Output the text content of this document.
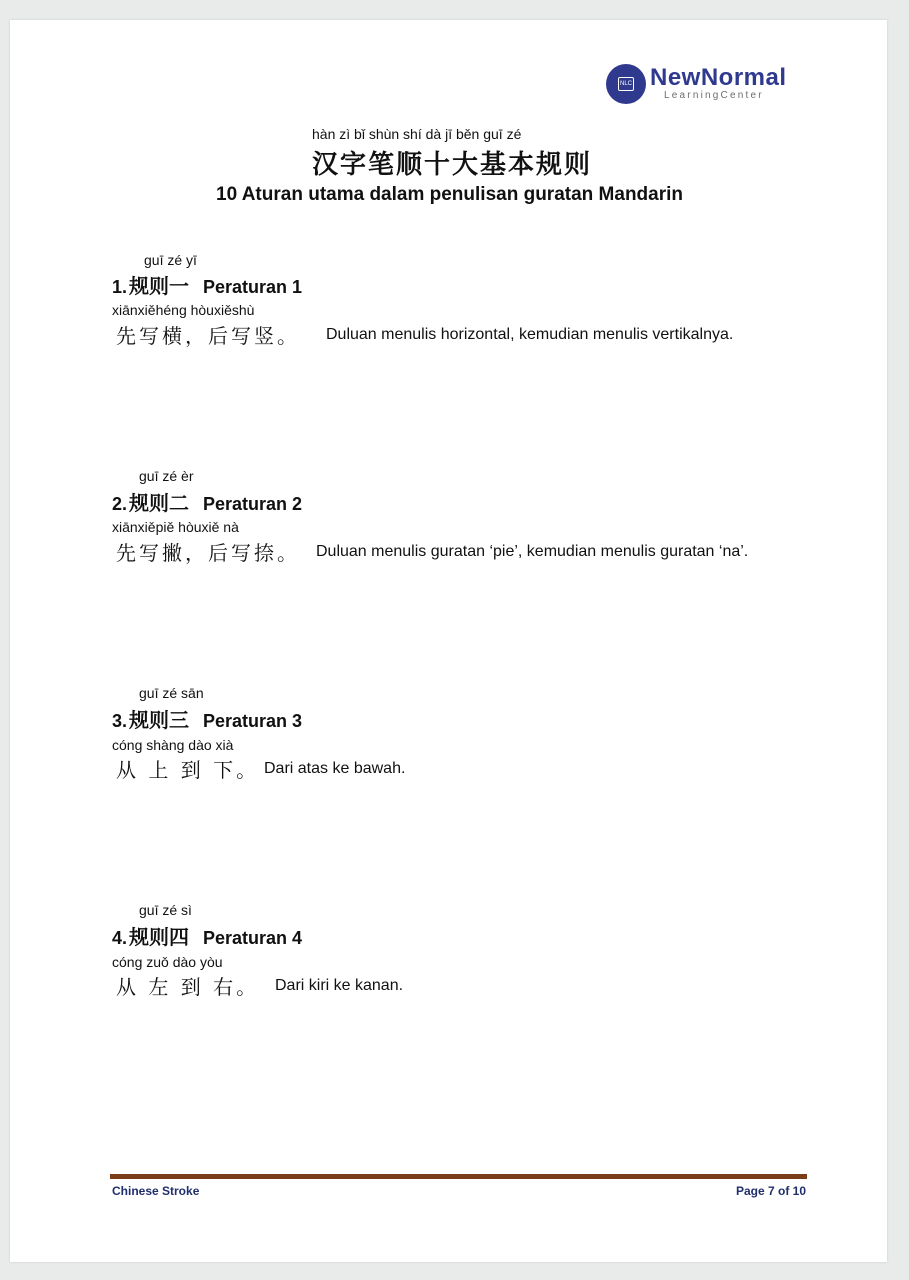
NLC NewNormal
LearningCenter
hàn zì bǐ shùn shí dà jī běn guī zé
汉字笔顺十大基本规则
10 Aturan utama dalam penulisan guratan Mandarin
guī zé yī
1. 规则一 Peraturan 1
xiānxiěhéng hòuxiěshù
先写横，后写竖。 Duluan menulis horizontal, kemudian menulis vertikalnya.
guī zé èr
2. 规则二 Peraturan 2
xiānxiěpiě hòuxiě nà
先写撇，后写捺。 Duluan menulis guratan ‘pie’, kemudian menulis guratan ‘na’.
guī zé sān
3. 规则三 Peraturan 3
cóng shàng dào xià
从 上 到 下。 Dari atas ke bawah.
guī zé sì
4. 规则四 Peraturan 4
cóng zuǒ dào yòu
从 左 到 右。 Dari kiri ke kanan.
Chinese Stroke	Page 7 of 10
